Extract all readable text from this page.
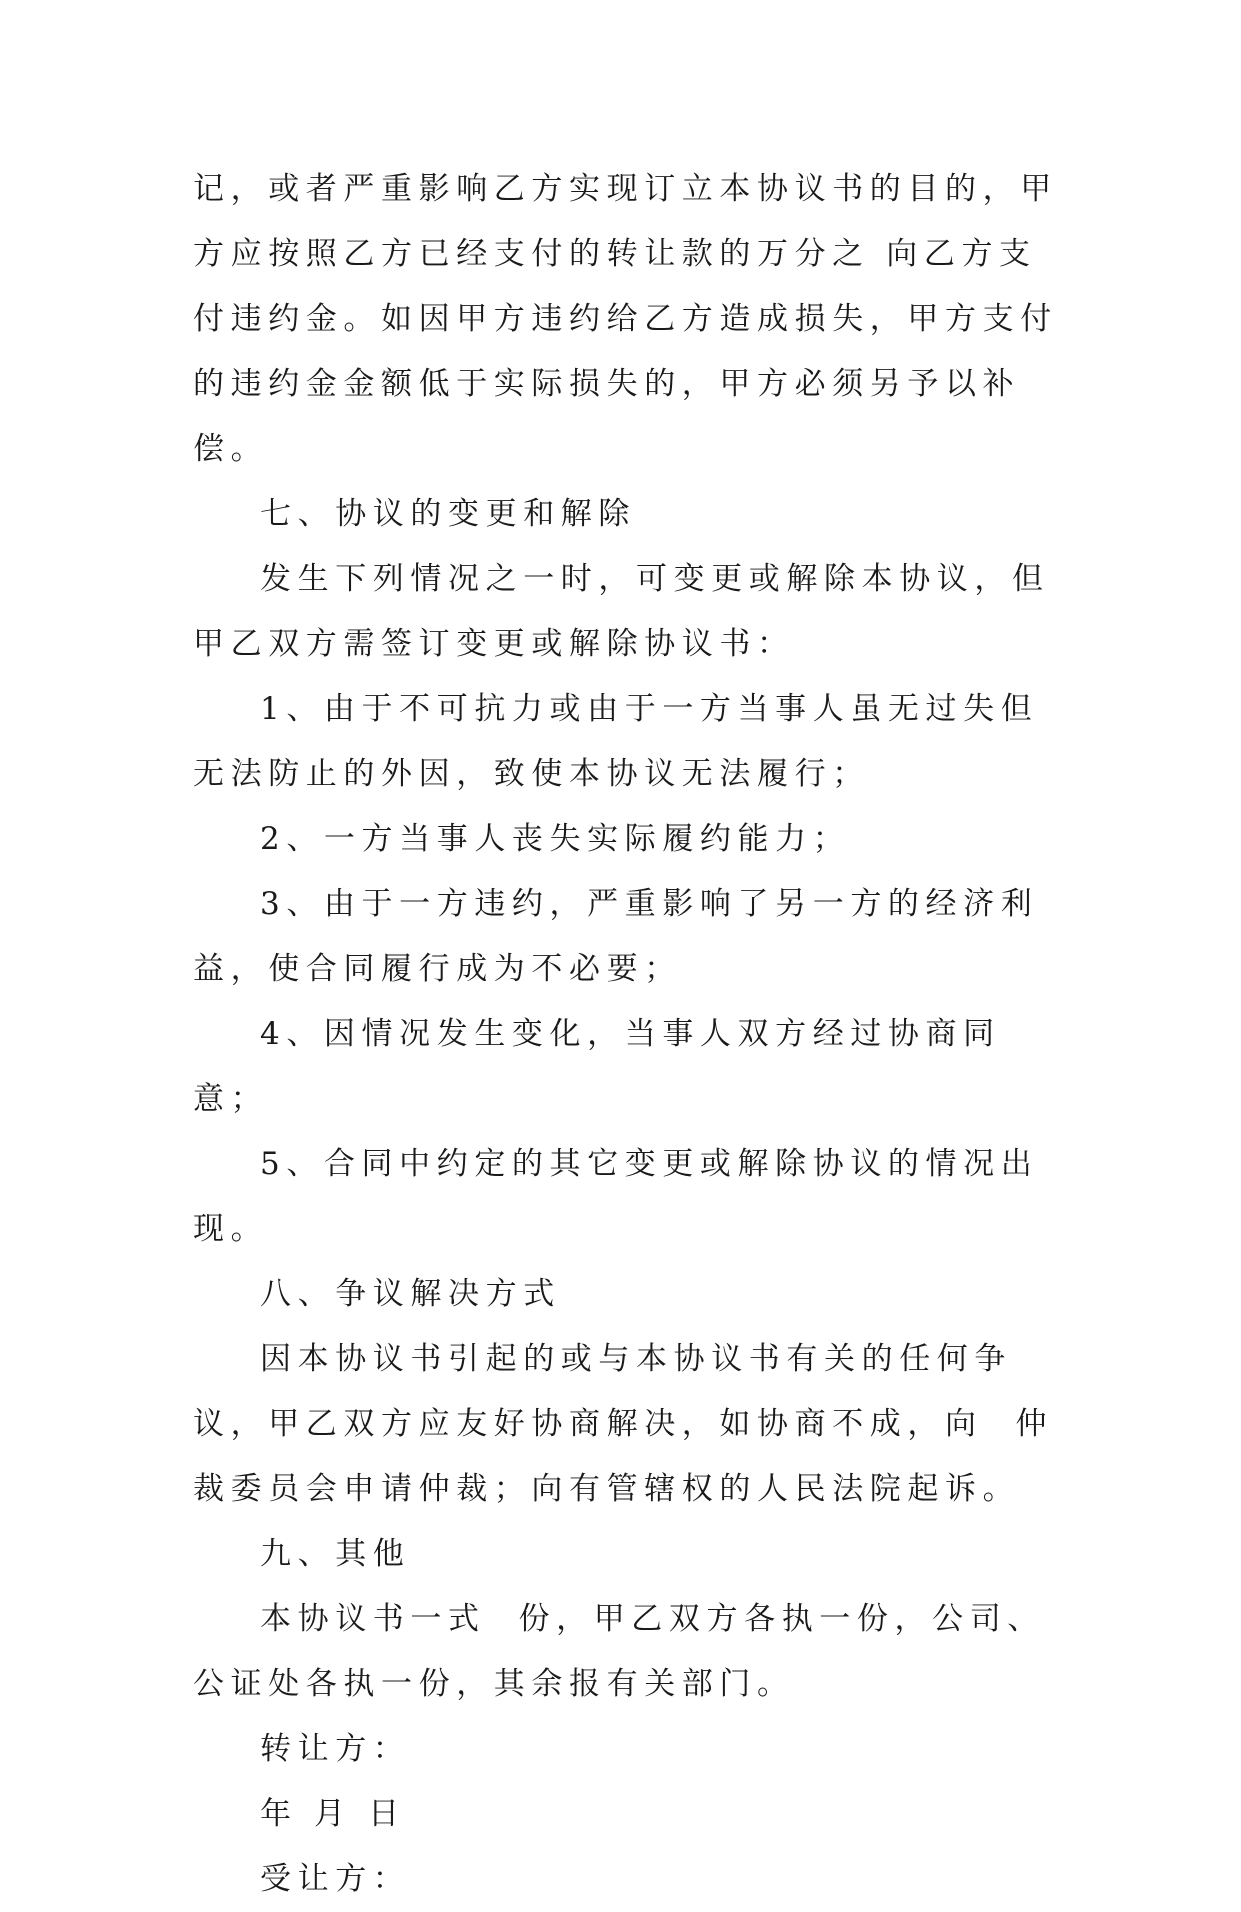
记，或者严重影响乙方实现订立本协议书的目的，甲方应按照乙方已经支付的转让款的万分之 向乙方支付违约金。如因甲方违约给乙方造成损失，甲方支付的违约金金额低于实际损失的，甲方必须另予以补偿。

七、协议的变更和解除

发生下列情况之一时，可变更或解除本协议，但甲乙双方需签订变更或解除协议书：

1、由于不可抗力或由于一方当事人虽无过失但无法防止的外因，致使本协议无法履行；

2、一方当事人丧失实际履约能力；

3、由于一方违约，严重影响了另一方的经济利益，使合同履行成为不必要；

4、因情况发生变化，当事人双方经过协商同意；

5、合同中约定的其它变更或解除协议的情况出现。

八、争议解决方式

因本协议书引起的或与本协议书有关的任何争议，甲乙双方应友好协商解决，如协商不成，向  仲裁委员会申请仲裁；向有管辖权的人民法院起诉。

九、其他

本协议书一式  份，甲乙双方各执一份，公司、公证处各执一份，其余报有关部门。

转让方：

年 月 日

受让方：
